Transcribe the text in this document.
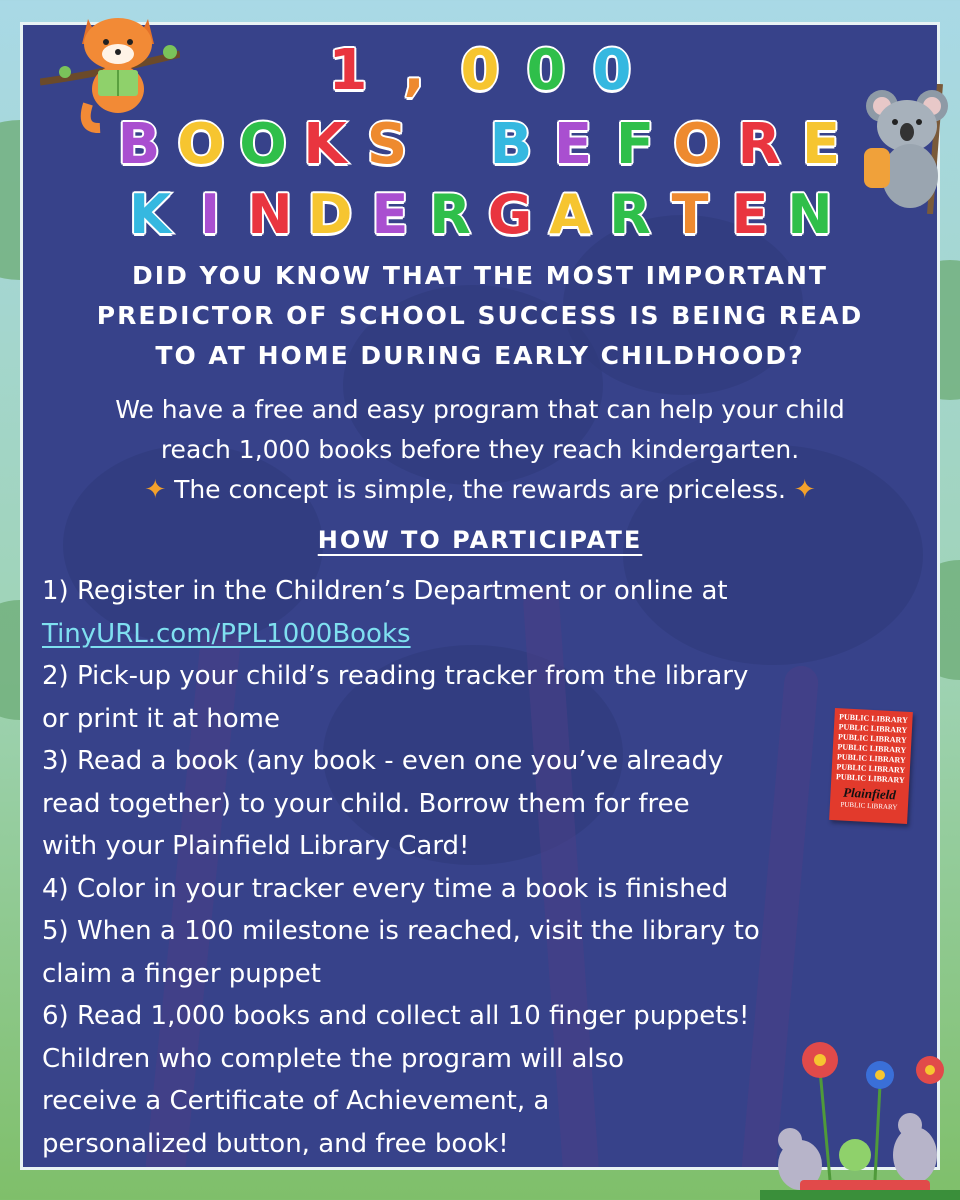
1 , 0 0 0
B O O K S
B E F O R E
K I N D E R G A R T E N
DID YOU KNOW THAT THE MOST IMPORTANT
PREDICTOR OF SCHOOL SUCCESS IS BEING READ
TO AT HOME DURING EARLY CHILDHOOD?
We have a free and easy program that can help your child
reach 1,000 books before they reach kindergarten.
✦ The concept is simple, the rewards are priceless. ✦
HOW TO PARTICIPATE

1) Register in the Children’s Department or online at

TinyURL.com/PPL1000Books

2) Pick-up your child’s reading tracker from the library

or print it at home

3) Read a book (any book - even one you’ve already

read together) to your child. Borrow them for free

with your Plainfield Library Card!

4) Color in your tracker every time a book is finished

5) When a 100 milestone is reached, visit the library to

claim a finger puppet

6) Read 1,000 books and collect all 10 finger puppets!

Children who complete the program will also

receive a Certificate of Achievement, a

personalized button, and free book!

PUBLIC LIBRARY
PUBLIC LIBRARY
PUBLIC LIBRARY
PUBLIC LIBRARY
PUBLIC LIBRARY
PUBLIC LIBRARY
PUBLIC LIBRARY
Plainfield
PUBLIC LIBRARY
